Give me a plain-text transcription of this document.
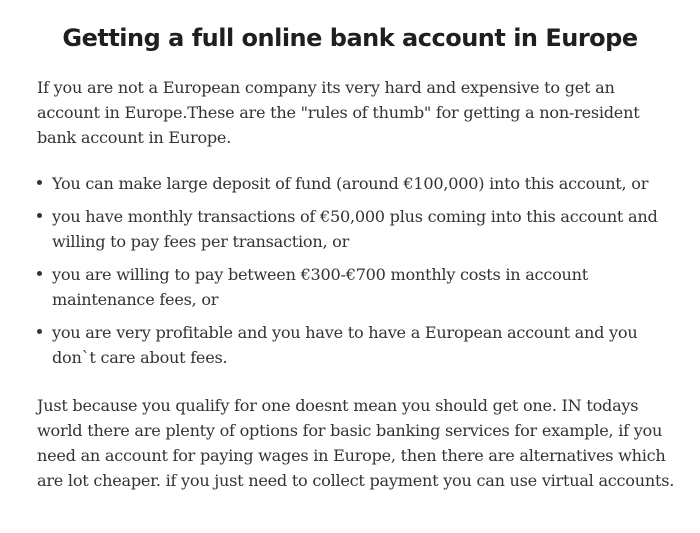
Getting a full online bank account in Europe

If you are not a European company its very hard and expensive to get an account in Europe.These are the "rules of thumb" for getting a non-resident bank account in Europe.

You can make large deposit of fund (around €100,000) into this account, or
you have monthly transactions of €50,000 plus coming into this account and willing to pay fees per transaction, or
you are willing to pay between €300-€700 monthly costs in account maintenance fees, or
you are very profitable and you have to have a European account and you don`t care about fees.

Just because you qualify for one doesnt mean you should get one. IN todays world there are plenty of options for basic banking services for example, if you need an account for paying wages in Europe, then there are alternatives which are lot cheaper. if you just need to collect payment you can use virtual accounts.
